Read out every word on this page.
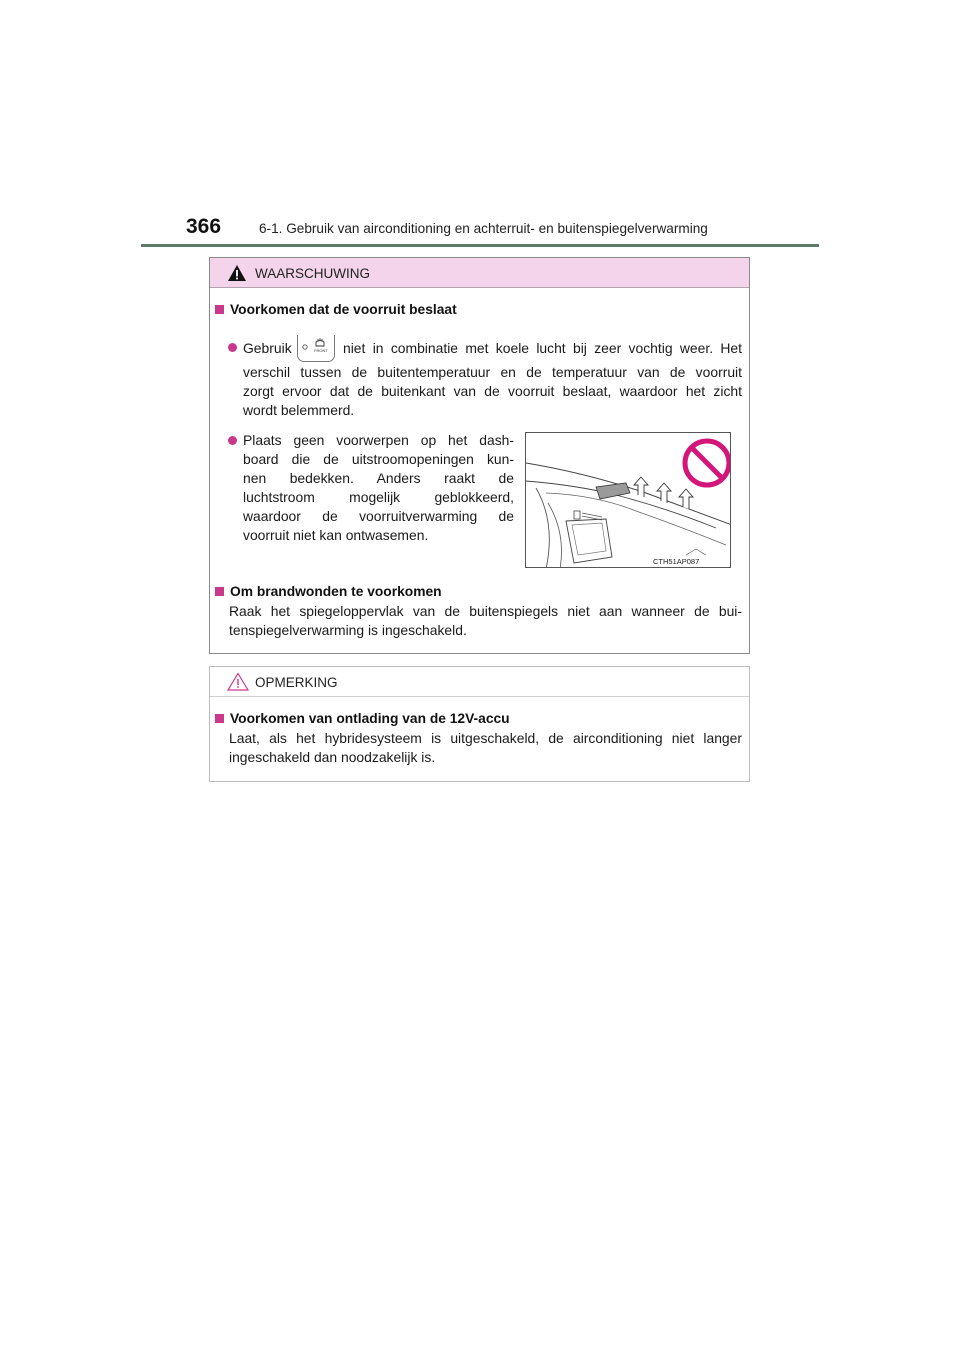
366	6-1. Gebruik van airconditioning en achterruit- en buitenspiegelverwarming
WAARSCHUWING
Voorkomen dat de voorruit beslaat
Gebruik	FRONT niet in combinatie met koele lucht bij zeer vochtig weer. Het
verschil tussen de buitentemperatuur en de temperatuur van de voorruit
zorgt ervoor dat de buitenkant van de voorruit beslaat, waardoor het zicht
wordt belemmerd.
Plaats geen voorwerpen op het dash-
board die de uitstroomopeningen kun-
nen bedekken. Anders raakt de
luchtstroom mogelijk geblokkeerd,
waardoor de voorruitverwarming de
voorruit niet kan ontwasemen.
CTH51AP087
Om brandwonden te voorkomen
Raak het spiegeloppervlak van de buitenspiegels niet aan wanneer de bui-
tenspiegelverwarming is ingeschakeld.
OPMERKING
Voorkomen van ontlading van de 12V-accu
Laat, als het hybridesysteem is uitgeschakeld, de airconditioning niet langer
ingeschakeld dan noodzakelijk is.
